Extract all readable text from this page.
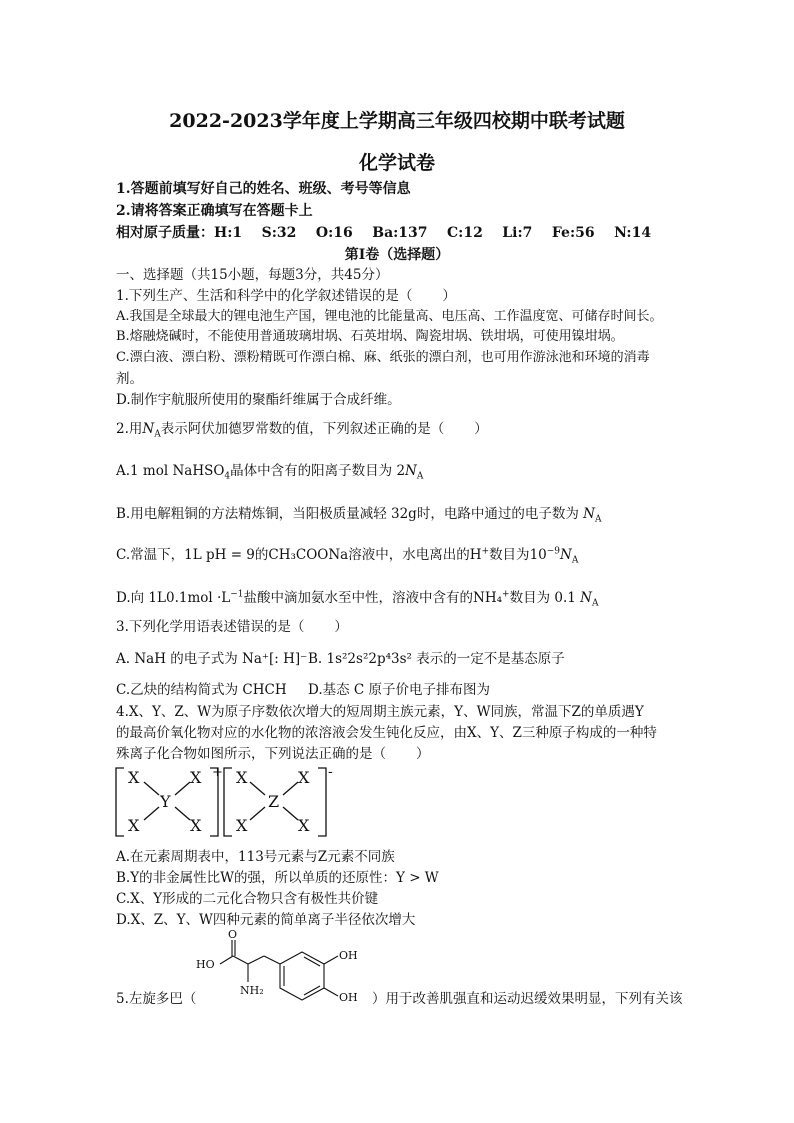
2022-2023学年度上学期高三年级四校期中联考试题
化学试卷
1.答题前填写好自己的姓名、班级、考号等信息
2.请将答案正确填写在答题卡上
相对原子质量：H:1    S:32    O:16    Ba:137    C:12    Li:7    Fe:56    N:14
第Ⅰ卷（选择题）
一、选择题（共15小题，每题3分，共45分）
1.下列生产、生活和科学中的化学叙述错误的是（       ）
A.我国是全球最大的锂电池生产国，锂电池的比能量高、电压高、工作温度宽、可储存时间长。
B.熔融烧碱时，不能使用普通玻璃坩埚、石英坩埚、陶瓷坩埚、铁坩埚，可使用镍坩埚。
C.漂白液、漂白粉、漂粉精既可作漂白棉、麻、纸张的漂白剂，也可用作游泳池和环境的消毒
剂。
D.制作宇航服所使用的聚酯纤维属于合成纤维。
2.用$N_A$表示阿伏加德罗常数的值，下列叙述正确的是（       ）
A.1 mol NaHSO$_4$晶体中含有的阳离子数目为 $2N_A$
B.用电解粗铜的方法精炼铜，当阳极质量减轻 32g时，电路中通过的电子数为 $N_A$
C.常温下，1L pH = 9的CH₃COONa溶液中，水电离出的H+数目为$10^{-9}N_A$
D.向 $1L0.1mol \cdot L^{-1}$盐酸中滴加氨水至中性，溶液中含有的NH₄+数目为 0.1 $N_A$
3.下列化学用语表述错误的是（       ）
A. NaH 的电子式为 Na⁺[: H]⁻ B. 1s²2s²2p⁴3s² 表示的一定不是基态原子
C.乙炔的结构简式为 CHCH D.基态 C 原子价电子排布图为
4.X、Y、Z、W为原子序数依次增大的短周期主族元素，Y、W同族，常温下Z的单质遇Y
的最高价氧化物对应的水化物的浓溶液会发生钝化反应，由X、Y、Z三种原子构成的一种特
殊离子化合物如图所示，下列说法正确的是（       ）
X	X
Y
X	X
X	X
Z
X	X
+	-
A.在元素周期表中，113号元素与Z元素不同族
B.Y的非金属性比W的强，所以单质的还原性：Y > W
C.X、Y形成的二元化合物只含有极性共价键
D.X、Z、Y、W四种元素的简单离子半径依次增大
O
HO
NH₂
OH
OH
5.左旋多巴（	）用于改善肌强直和运动迟缓效果明显，下列有关该
